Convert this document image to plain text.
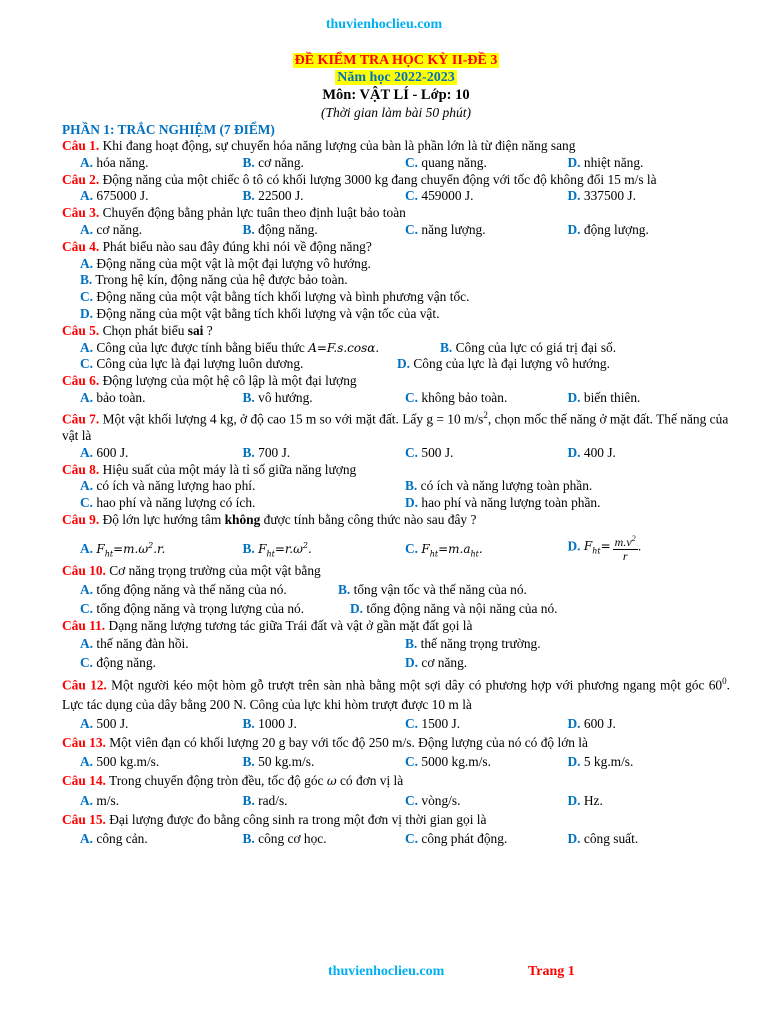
thuvienhoclieu.com
ĐỀ KIỂM TRA HỌC KỲ II-ĐỀ 3
Năm học 2022-2023
Môn: VẬT LÍ - Lớp: 10
(Thời gian làm bài 50 phút)
PHẦN 1: TRẮC NGHIỆM (7 ĐIỂM)
Câu 1. Khi đang hoạt động, sự chuyển hóa năng lượng của bàn là phần lớn là từ điện năng sang
A. hóa năng.	B. cơ năng.	C. quang năng.	D. nhiệt năng.
Câu 2. Động năng của một chiếc ô tô có khối lượng 3000 kg đang chuyển động với tốc độ không đổi 15 m/s là
A. 675000 J.	B. 22500 J.	C. 459000 J.	D. 337500 J.
Câu 3. Chuyển động bằng phản lực tuân theo định luật bảo toàn
A. cơ năng.	B. động năng.	C. năng lượng.	D. động lượng.
Câu 4. Phát biểu nào sau đây đúng khi nói về động năng?
A. Động năng của một vật là một đại lượng vô hướng.
B. Trong hệ kín, động năng của hệ được bảo toàn.
C. Động năng của một vật bằng tích khối lượng và bình phương vận tốc.
D. Động năng của một vật bằng tích khối lượng và vận tốc của vật.
Câu 5. Chọn phát biểu sai ?
A. Công của lực được tính bằng biểu thức A=F.s.cosα.	B. Công của lực có giá trị đại số.
C. Công của lực là đại lượng luôn dương.	D. Công của lực là đại lượng vô hướng.
Câu 6. Động lượng của một hệ cô lập là một đại lượng
A. bảo toàn.	B. vô hướng.	C. không bảo toàn.	D. biến thiên.
Câu 7. Một vật khối lượng 4 kg, ở độ cao 15 m so với mặt đất. Lấy g = 10 $m/s^2$, chọn mốc thế năng ở mặt đất. Thế năng của vật là
A. 600 J.	B. 700 J.	C. 500 J.	D. 400 J.
Câu 8. Hiệu suất của một máy là tỉ số giữa năng lượng
A. có ích và năng lượng hao phí.	B. có ích và năng lượng toàn phần.
C. hao phí và năng lượng có ích.	D. hao phí và năng lượng toàn phần.
Câu 9. Độ lớn lực hướng tâm không được tính bằng công thức nào sau đây ?
A. $F_{ht}=m.\omega^2.r$.	B. $F_{ht}=r.\omega^2$.	C. $F_{ht}=m.a_{ht}$.	D. $F_{ht}= \frac{m.v^2}{r}$ .
Câu 10. Cơ năng trọng trường của một vật bằng
A. tổng động năng và thế năng của nó.	B. tổng vận tốc và thế năng của nó.
C. tổng động năng và trọng lượng của nó.	D. tổng động năng và nội năng của nó.
Câu 11. Dạng năng lượng tương tác giữa Trái đất và vật ở gần mặt đất gọi là
A. thế năng đàn hồi.	B. thế năng trọng trường.
C. động năng.	D. cơ năng.
Câu 12. Một người kéo một hòm gỗ trượt trên sàn nhà bằng một sợi dây có phương hợp với phương ngang một góc $60^0$. Lực tác dụng của dây bằng 200 N. Công của lực khi hòm trượt được 10 m là
A. 500 J.	B. 1000 J.	C. 1500 J.	D. 600 J.
Câu 13. Một viên đạn có khối lượng 20 g bay với tốc độ 250 m/s. Động lượng của nó có độ lớn là
A. 500 kg.m/s.	B. 50 kg.m/s.	C. 5000 kg.m/s.	D. 5 kg.m/s.
Câu 14. Trong chuyển động tròn đều, tốc độ góc ω có đơn vị là
A. m/s.	B. rad/s.	C. vòng/s.	D. Hz.
Câu 15. Đại lượng được đo bằng công sinh ra trong một đơn vị thời gian gọi là
A. công cản.	B. công cơ học.	C. công phát động.	D. công suất.
thuvienhoclieu.com	Trang 1
